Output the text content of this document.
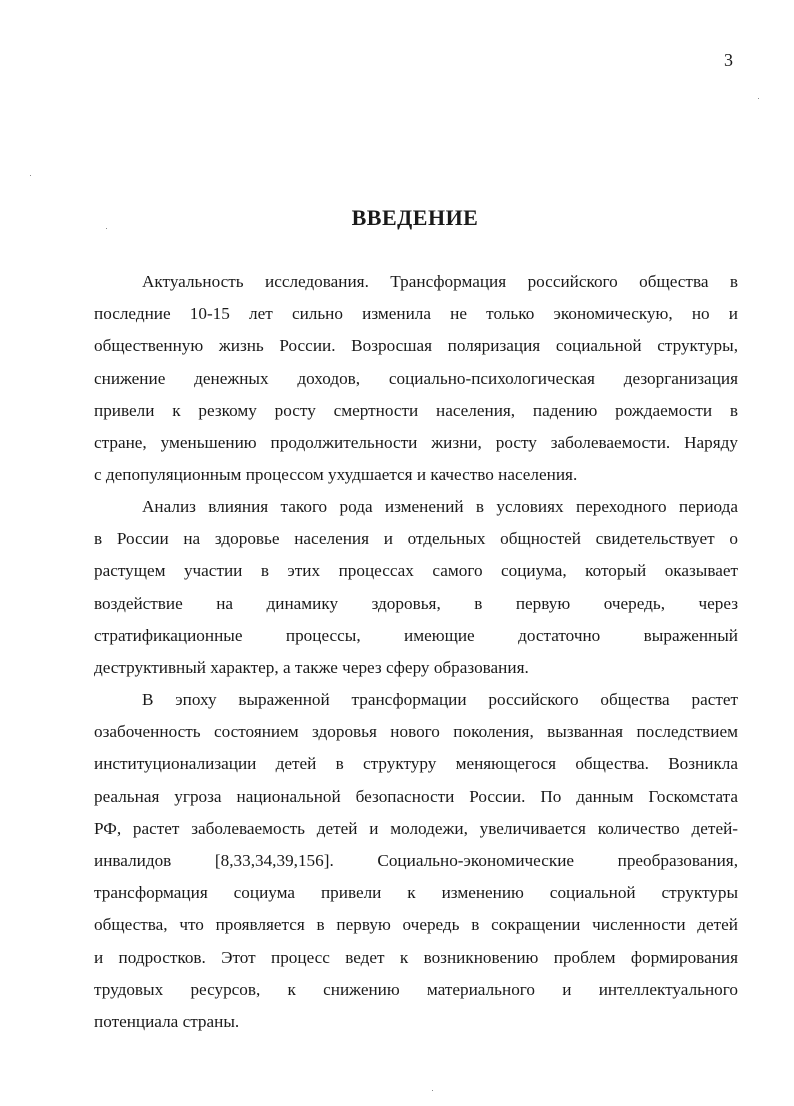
3
ВВЕДЕНИЕ
Актуальность исследования. Трансформация российского общества в
последние 10-15 лет сильно изменила не только экономическую, но и
общественную жизнь России. Возросшая поляризация социальной структуры,
снижение денежных доходов, социально-психологическая дезорганизация
привели к резкому росту смертности населения, падению рождаемости в
стране, уменьшению продолжительности жизни, росту заболеваемости. Наряду
с депопуляционным процессом ухудшается и качество населения.
Анализ влияния такого рода изменений в условиях переходного периода
в России на здоровье населения и отдельных общностей свидетельствует о
растущем участии в этих процессах самого социума, который оказывает
воздействие на динамику здоровья, в первую очередь, через
стратификационные процессы, имеющие достаточно выраженный
деструктивный характер, а также через сферу образования.
В эпоху выраженной трансформации российского общества растет
озабоченность состоянием здоровья нового поколения, вызванная последствием
институционализации детей в структуру меняющегося общества. Возникла
реальная угроза национальной безопасности России. По данным Госкомстата
РФ, растет заболеваемость детей и молодежи, увеличивается количество детей-
инвалидов [8,33,34,39,156]. Социально-экономические преобразования,
трансформация социума привели к изменению социальной структуры
общества, что проявляется в первую очередь в сокращении численности детей
и подростков. Этот процесс ведет к возникновению проблем формирования
трудовых ресурсов, к снижению материального и интеллектуального
потенциала страны.
